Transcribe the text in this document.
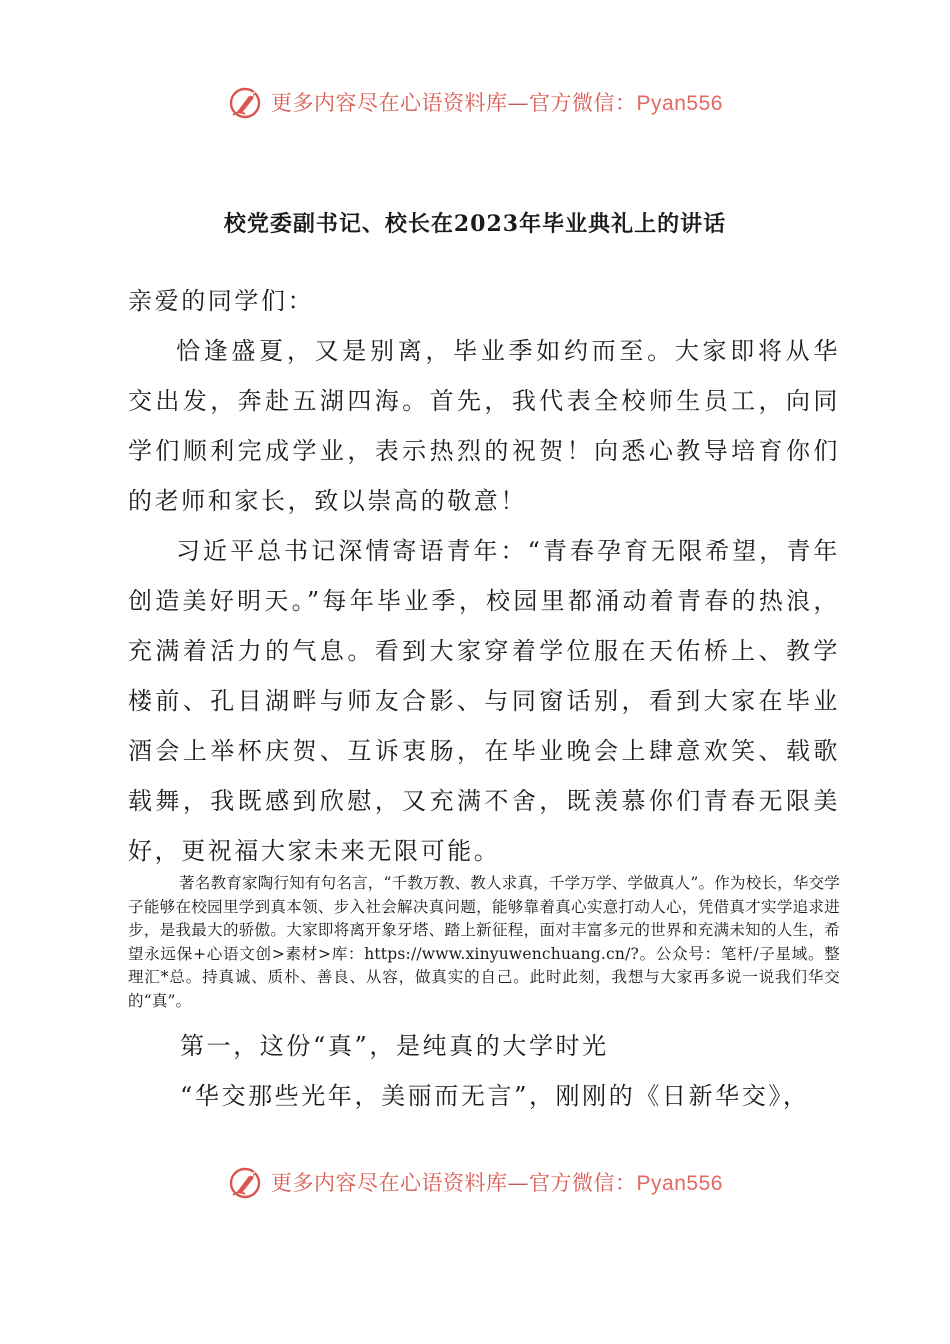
更多内容尽在心语资料库—官方微信：Pyan556
校党委副书记、校长在2023年毕业典礼上的讲话
亲爱的同学们：

恰逢盛夏，又是别离，毕业季如约而至。大家即将从华交出发，奔赴五湖四海。首先，我代表全校师生员工，向同学们顺利完成学业，表示热烈的祝贺！向悉心教导培育你们的老师和家长，致以崇高的敬意！

习近平总书记深情寄语青年：“青春孕育无限希望，青年创造美好明天。”每年毕业季，校园里都涌动着青春的热浪，充满着活力的气息。看到大家穿着学位服在天佑桥上、教学楼前、孔目湖畔与师友合影、与同窗话别，看到大家在毕业酒会上举杯庆贺、互诉衷肠，在毕业晚会上肆意欢笑、载歌载舞，我既感到欣慰，又充满不舍，既羡慕你们青春无限美好，更祝福大家未来无限可能。

著名教育家陶行知有句名言，“千教万教、教人求真，千学万学、学做真人”。作为校长，华交学子能够在校园里学到真本领、步入社会解决真问题，能够靠着真心实意打动人心，凭借真才实学追求进步，是我最大的骄傲。大家即将离开象牙塔、踏上新征程，面对丰富多元的世界和充满未知的人生，希望永远保+心语文创>素材>库：https://www.xinyuwenchuang.cn/?。公众号：笔杆/子星域。整理汇*总。持真诚、质朴、善良、从容，做真实的自己。此时此刻，我想与大家再多说一说我们华交的“真”。

第一，这份“真”，是纯真的大学时光
“华交那些光年，美丽而无言”，刚刚的《日新华交》，
更多内容尽在心语资料库—官方微信：Pyan556
